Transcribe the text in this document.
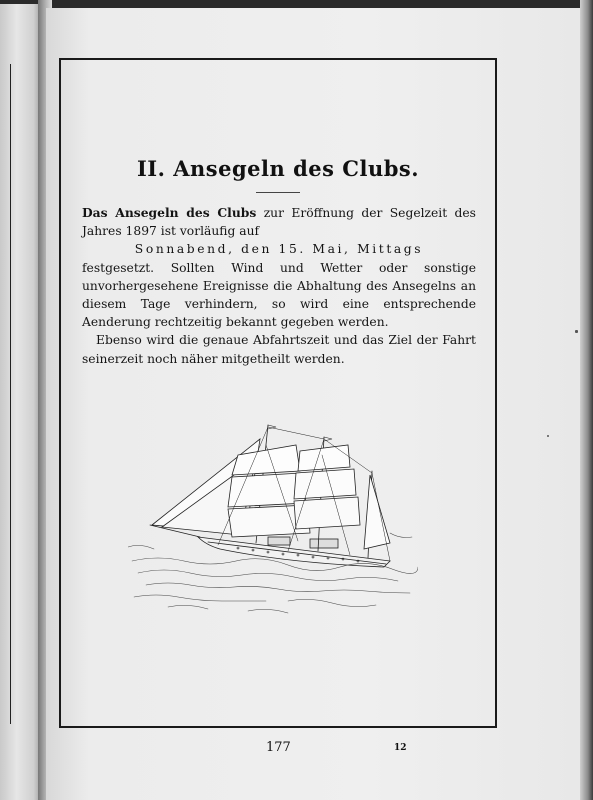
II. Ansegeln des Clubs.

Das Ansegeln des Clubs zur Eröffnung der Segelzeit des Jahres 1897 ist vorläufig auf

Sonnabend, den 15. Mai, Mittags

festgesetzt. Sollten Wind und Wetter oder sonstige unvorhergesehene Ereignisse die Abhaltung des Ansegelns an diesem Tage verhindern, so wird eine entsprechende Aenderung rechtzeitig bekannt gegeben werden.

Ebenso wird die genaue Abfahrtszeit und das Ziel der Fahrt seinerzeit noch näher mitgetheilt werden.

177	12
